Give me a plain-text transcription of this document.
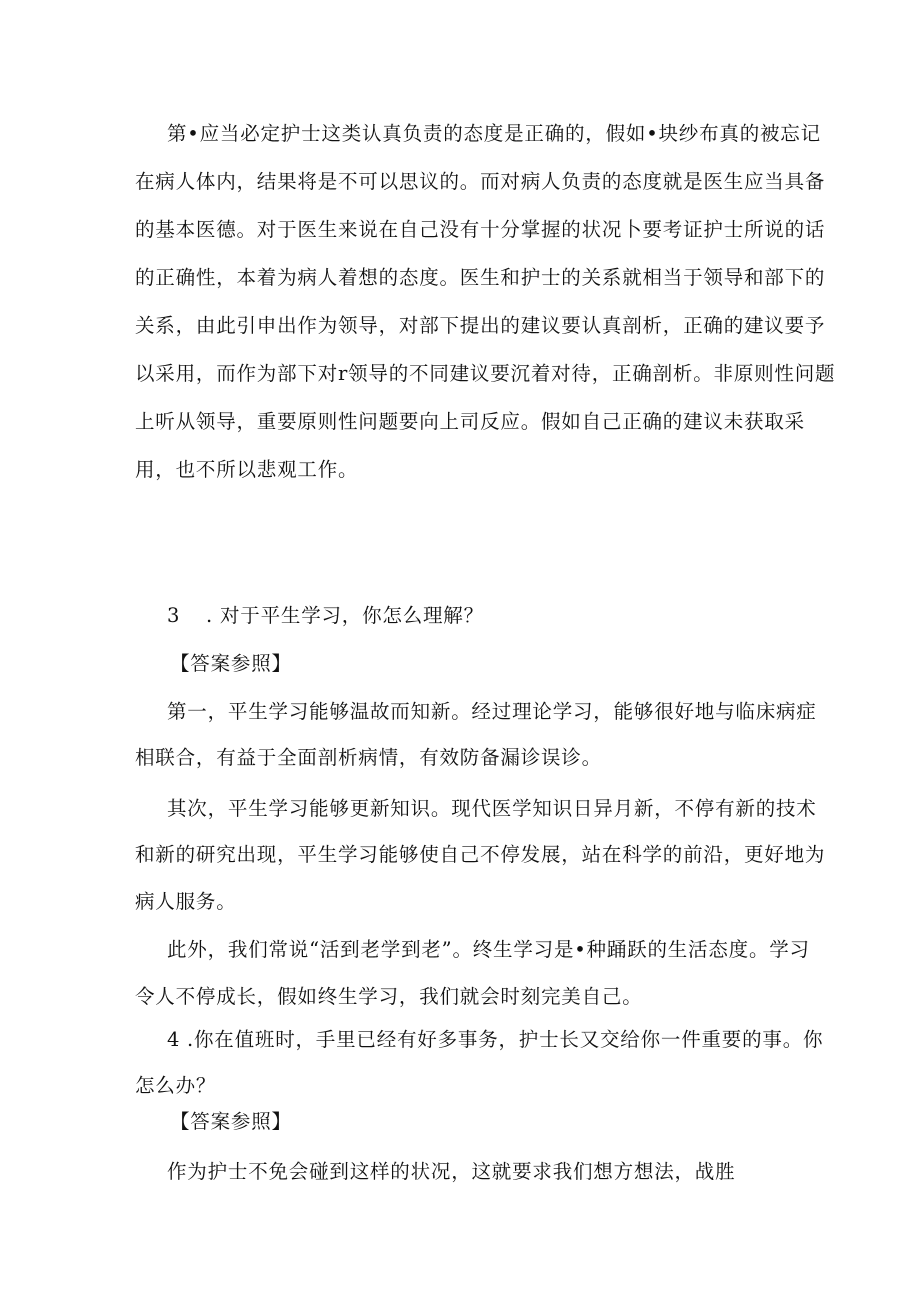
第•应当必定护士这类认真负责的态度是正确的，假如•块纱布真的被忘记
在病人体内，结果将是不可以思议的。而对病人负责的态度就是医生应当具备
的基本医德。对于医生来说在自己没有十分掌握的状况卜要考证护士所说的话
的正确性，本着为病人着想的态度。医生和护士的关系就相当于领导和部下的
关系，由此引申出作为领导，对部下提出的建议要认真剖析，正确的建议要予
以采用，而作为部下对r领导的不同建议要沉着对待，正确剖析。非原则性问题
上听从领导，重要原则性问题要向上司反应。假如自己正确的建议未获取采
用，也不所以悲观工作。
3 . 对于平生学习，你怎么理解？
【答案参照】
第一，平生学习能够温故而知新。经过理论学习，能够很好地与临床病症
相联合，有益于全面剖析病情，有效防备漏诊误诊。
其次，平生学习能够更新知识。现代医学知识日异月新，不停有新的技术
和新的研究出现，平生学习能够使自己不停发展，站在科学的前沿，更好地为
病人服务。
此外，我们常说“活到老学到老”。终生学习是•种踊跃的生活态度。学习
令人不停成长，假如终生学习，我们就会时刻完美自己。
4 .你在值班时，手里已经有好多事务，护士长又交给你一件重要的事。你
怎么办？
【答案参照】
作为护士不免会碰到这样的状况，这就要求我们想方想法，战胜
